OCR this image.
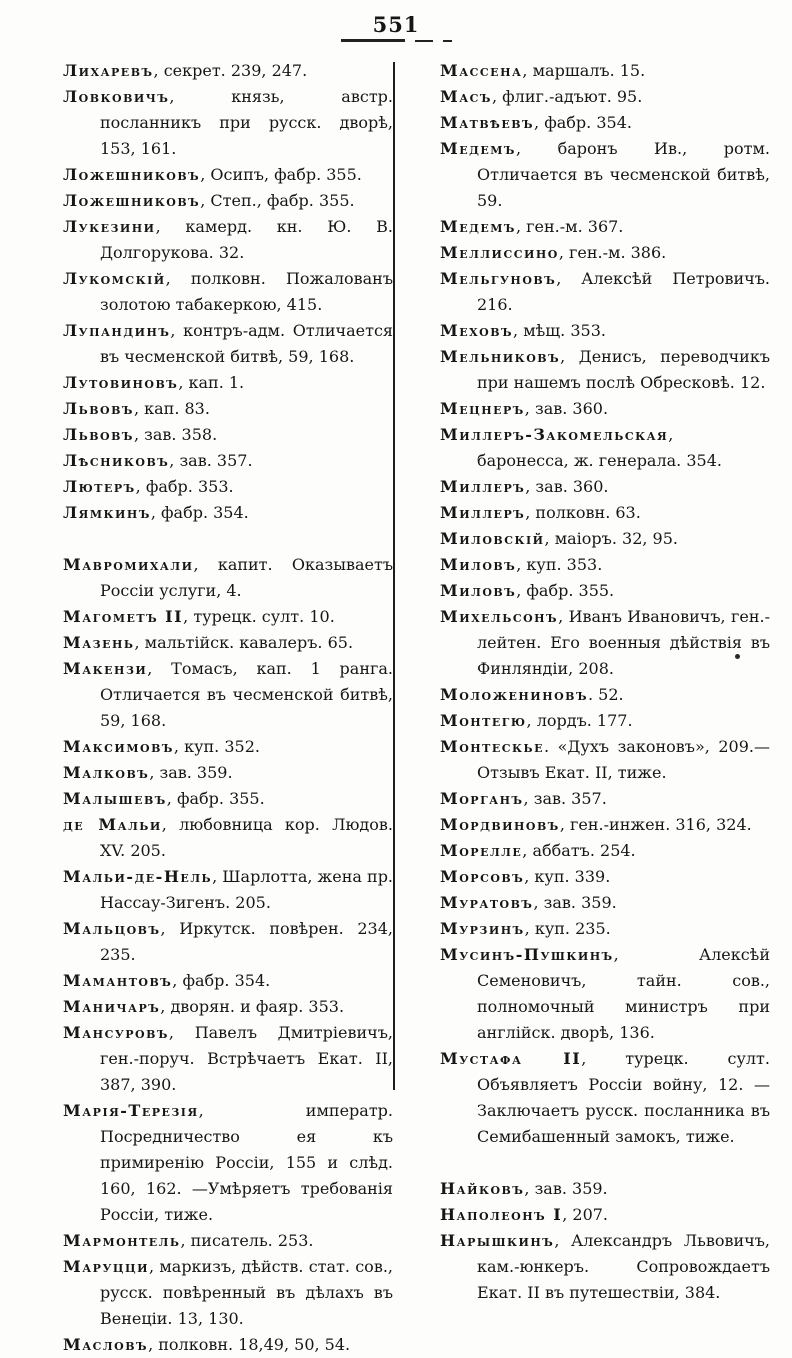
551
Лихаревъ, секрет. 239, 247.
Ловковичъ, князь, австр. посланникъ при русск. дворѣ, 153, 161.
Ложешниковъ, Осипъ, фабр. 355.
Ложешниковъ, Степ., фабр. 355.
Лукезини, камерд. кн. Ю. В. Долгорукова. 32.
Лукомскій, полковн. Пожалованъ золотою табакеркою, 415.
Лупандинъ, контръ-адм. Отличается въ чесменской битвѣ, 59, 168.
Лутовиновъ, кап. 1.
Львовъ, кап. 83.
Львовъ, зав. 358.
Лѣсниковъ, зав. 357.
Лютеръ, фабр. 353.
Лямкинъ, фабр. 354.
Мавромихали, капит. Оказываетъ Россіи услуги, 4.
Магометъ II, турецк. султ. 10.
Мазень, мальтійск. кавалеръ. 65.
Макензи, Томасъ, кап. 1 ранга. Отличается въ чесменской битвѣ, 59, 168.
Максимовъ, куп. 352.
Малковъ, зав. 359.
Малышевъ, фабр. 355.
де Мальи, любовница кор. Людов. XV. 205.
Мальи-де-Нель, Шарлотта, жена пр. Нассау-Зигенъ. 205.
Мальцовъ, Иркутск. повѣрен. 234, 235.
Мамантовъ, фабр. 354.
Маничаръ, дворян. и фаяр. 353.
Мансуровъ, Павелъ Дмитріевичъ, ген.-поруч. Встрѣчаетъ Екат. II, 387, 390.
Марія-Терезія, императр. Посредничество ея къ примиренію Россіи, 155 и слѣд. 160, 162. —Умѣряетъ требованія Россіи, тиже.
Мармонтель, писатель. 253.
Маруцци, маркизъ, дѣйств. стат. сов., русск. повѣренный въ дѣлахъ въ Венеціи. 13, 130.
Масловъ, полковн. 18,49, 50, 54.
Массена, маршалъ. 15.
Масъ, флиг.-адъют. 95.
Матвѣевъ, фабр. 354.
Медемъ, баронъ Ив., ротм. Отличается въ чесменской битвѣ, 59.
Медемъ, ген.-м. 367.
Меллиссино, ген.-м. 386.
Мельгуновъ, Алексѣй Петровичъ. 216.
Меховъ, мѣщ. 353.
Мельниковъ, Денисъ, переводчикъ при нашемъ послѣ Обресковѣ. 12.
Мецнеръ, зав. 360.
Миллеръ-Закомельская, баронесса, ж. генерала. 354.
Миллеръ, зав. 360.
Миллеръ, полковн. 63.
Миловскій, маіоръ. 32, 95.
Миловъ, куп. 353.
Миловъ, фабр. 355.
Михельсонъ, Иванъ Ивановичъ, ген.-лейтен. Его военныя дѣйствія въ Финляндіи, 208.
Моложениновъ. 52.
Монтегю, лордъ. 177.
Монтескье. «Духъ законовъ», 209.— Отзывъ Екат. II, тиже.
Морганъ, зав. 357.
Мордвиновъ, ген.-инжен. 316, 324.
Морелле, аббатъ. 254.
Морсовъ, куп. 339.
Муратовъ, зав. 359.
Мурзинъ, куп. 235.
Мусинъ-Пушкинъ, Алексѣй Семеновичъ, тайн. сов., полномочный министръ при англійск. дворѣ, 136.
Мустафа II, турецк. султ. Объявляетъ Россіи войну, 12. —Заключаетъ русск. посланника въ Семибашенный замокъ, тиже.
Найковъ, зав. 359.
Наполеонъ I, 207.
Нарышкинъ, Александръ Львовичъ, кам.-юнкеръ. Сопровождаетъ Екат. II въ путешествіи, 384.
